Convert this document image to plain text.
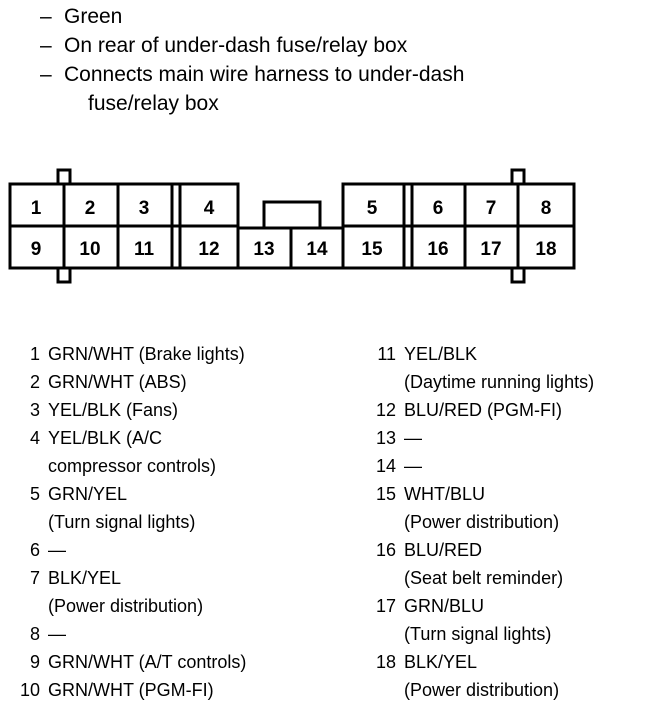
– Green
– On rear of under-dash fuse/relay box
– Connects main wire harness to under-dash
fuse/relay box
1 2 3	4	5	6 7 8
9 10 11 12 13 14 15 16 17 18
1 GRN/WHT (Brake lights)
2 GRN/WHT (ABS)
3 YEL/BLK (Fans)
4 YEL/BLK (A/C
compressor controls)
5 GRN/YEL
(Turn signal lights)
6 —
7 BLK/YEL
(Power distribution)
8 —
9 GRN/WHT (A/T controls)
10 GRN/WHT (PGM-FI)
11 YEL/BLK
(Daytime running lights)
12 BLU/RED (PGM-FI)
13 —
14 —
15 WHT/BLU
(Power distribution)
16 BLU/RED
(Seat belt reminder)
17 GRN/BLU
(Turn signal lights)
18 BLK/YEL
(Power distribution)
